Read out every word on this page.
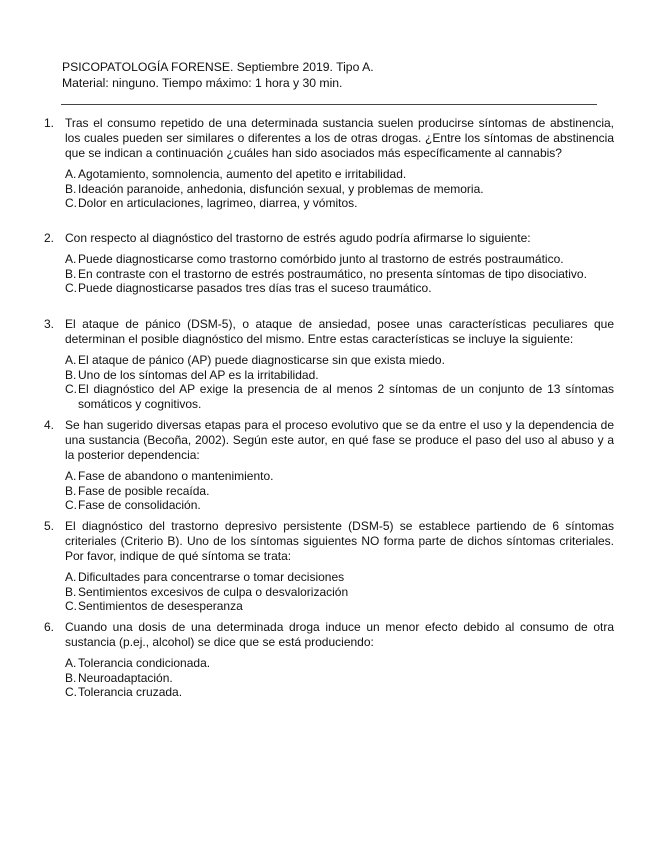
PSICOPATOLOGÍA FORENSE. Septiembre 2019. Tipo A.
Material: ninguno. Tiempo máximo: 1 hora y 30 min.
1. Tras el consumo repetido de una determinada sustancia suelen producirse síntomas de abstinencia, los cuales pueden ser similares o diferentes a los de otras drogas. ¿Entre los síntomas de abstinencia que se indican a continuación ¿cuáles han sido asociados más específicamente al cannabis?
A. Agotamiento, somnolencia, aumento del apetito e irritabilidad.
B. Ideación paranoide, anhedonia, disfunción sexual, y problemas de memoria.
C. Dolor en articulaciones, lagrimeo, diarrea, y vómitos.
2. Con respecto al diagnóstico del trastorno de estrés agudo podría afirmarse lo siguiente:
A. Puede diagnosticarse como trastorno comórbido junto al trastorno de estrés postraumático.
B. En contraste con el trastorno de estrés postraumático, no presenta síntomas de tipo disociativo.
C. Puede diagnosticarse pasados tres días tras el suceso traumático.
3. El ataque de pánico (DSM-5), o ataque de ansiedad, posee unas características peculiares que determinan el posible diagnóstico del mismo. Entre estas características se incluye la siguiente:
A. El ataque de pánico (AP) puede diagnosticarse sin que exista miedo.
B. Uno de los síntomas del AP es la irritabilidad.
C. El diagnóstico del AP exige la presencia de al menos 2 síntomas de un conjunto de 13 síntomas somáticos y cognitivos.
4. Se han sugerido diversas etapas para el proceso evolutivo que se da entre el uso y la dependencia de una sustancia (Becoña, 2002). Según este autor, en qué fase se produce el paso del uso al abuso y a la posterior dependencia:
A. Fase de abandono o mantenimiento.
B. Fase de posible recaída.
C. Fase de consolidación.
5. El diagnóstico del trastorno depresivo persistente (DSM-5) se establece partiendo de 6 síntomas criteriales (Criterio B). Uno de los síntomas siguientes NO forma parte de dichos síntomas criteriales. Por favor, indique de qué síntoma se trata:
A. Dificultades para concentrarse o tomar decisiones
B. Sentimientos excesivos de culpa o desvalorización
C. Sentimientos de desesperanza
6. Cuando una dosis de una determinada droga induce un menor efecto debido al consumo de otra sustancia (p.ej., alcohol) se dice que se está produciendo:
A. Tolerancia condicionada.
B. Neuroadaptación.
C. Tolerancia cruzada.
